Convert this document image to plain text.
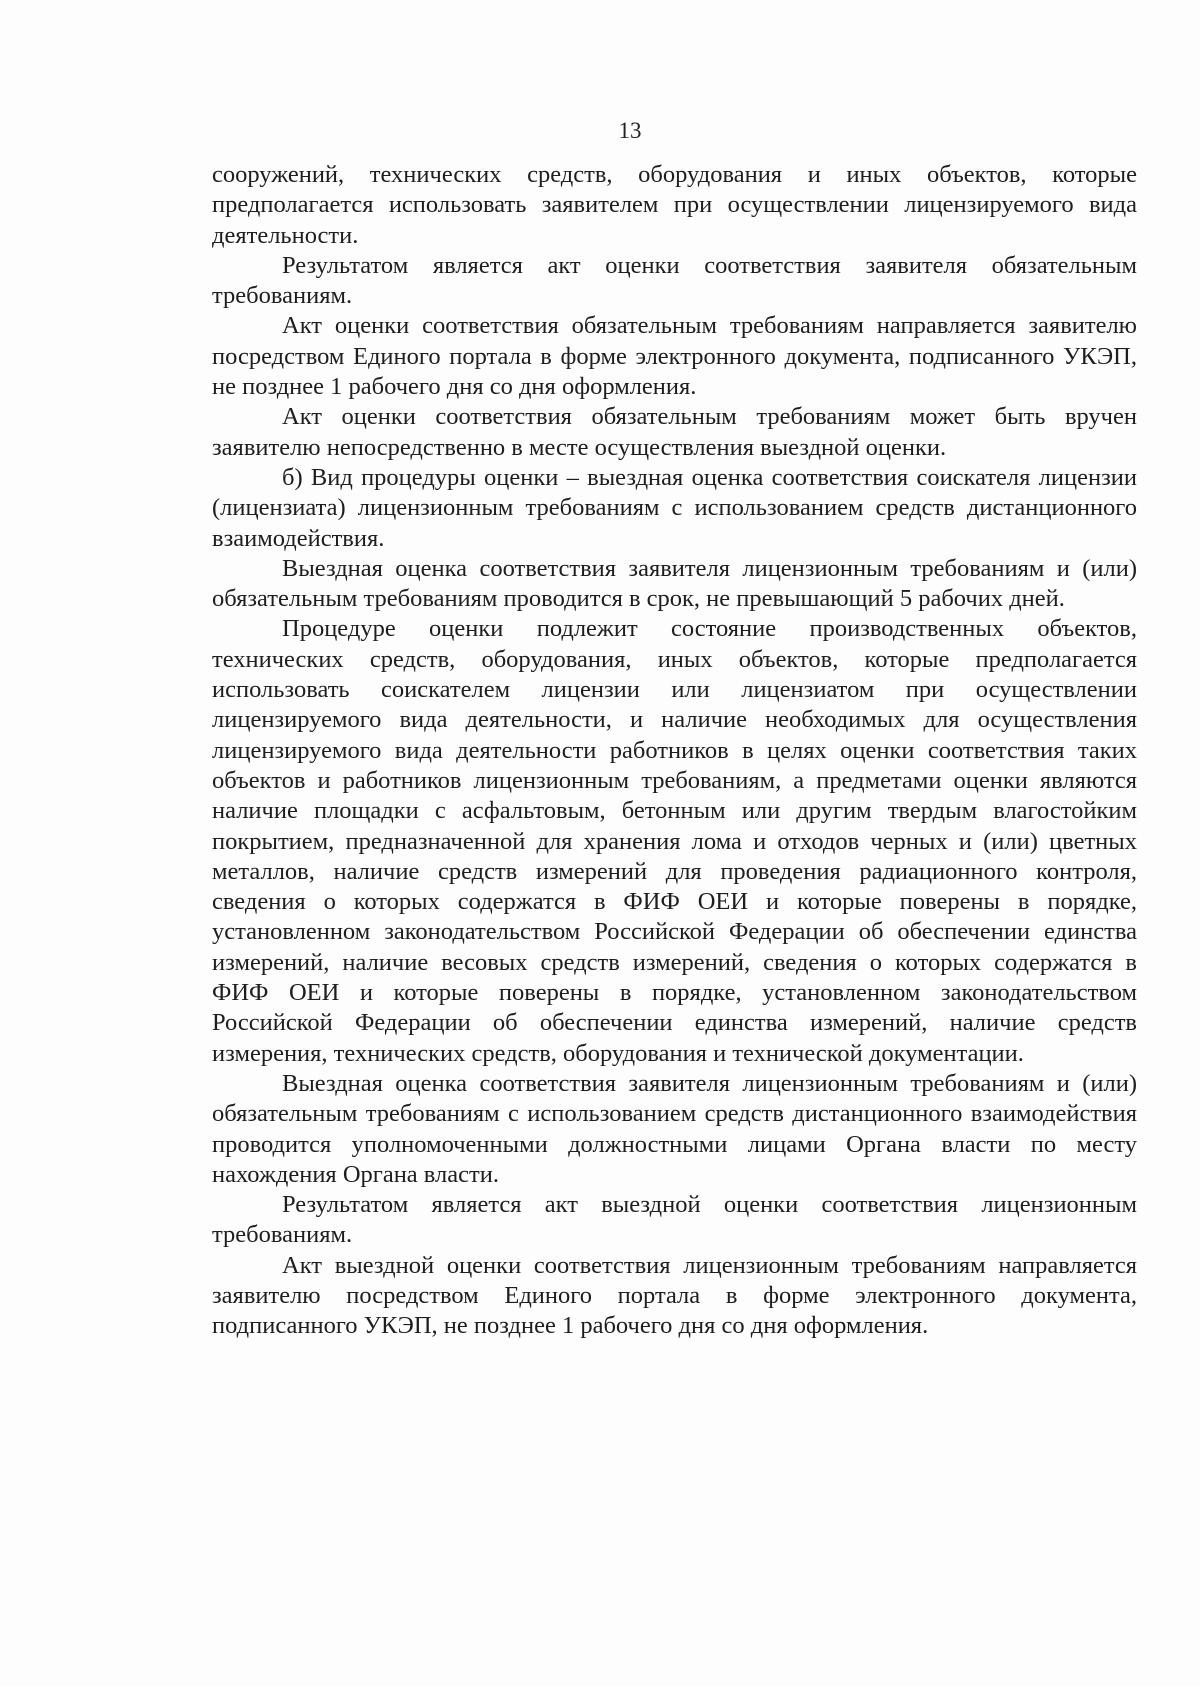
13

сооружений, технических средств, оборудования и иных объектов, которые предполагается использовать заявителем при осуществлении лицензируемого вида деятельности.

Результатом является акт оценки соответствия заявителя обязательным требованиям.

Акт оценки соответствия обязательным требованиям направляется заявителю посредством Единого портала в форме электронного документа, подписанного УКЭП, не позднее 1 рабочего дня со дня оформления.

Акт оценки соответствия обязательным требованиям может быть вручен заявителю непосредственно в месте осуществления выездной оценки.

б) Вид процедуры оценки – выездная оценка соответствия соискателя лицензии (лицензиата) лицензионным требованиям с использованием средств дистанционного взаимодействия.

Выездная оценка соответствия заявителя лицензионным требованиям и (или) обязательным требованиям проводится в срок, не превышающий 5 рабочих дней.

Процедуре оценки подлежит состояние производственных объектов, технических средств, оборудования, иных объектов, которые предполагается использовать соискателем лицензии или лицензиатом при осуществлении лицензируемого вида деятельности, и наличие необходимых для осуществления лицензируемого вида деятельности работников в целях оценки соответствия таких объектов и работников лицензионным требованиям, а предметами оценки являются наличие площадки с асфальтовым, бетонным или другим твердым влагостойким покрытием, предназначенной для хранения лома и отходов черных и (или) цветных металлов, наличие средств измерений для проведения радиационного контроля, сведения о которых содержатся в ФИФ ОЕИ и которые поверены в порядке, установленном законодательством Российской Федерации об обеспечении единства измерений, наличие весовых средств измерений, сведения о которых содержатся в ФИФ ОЕИ и которые поверены в порядке, установленном законодательством Российской Федерации об обеспечении единства измерений, наличие средств измерения, технических средств, оборудования и технической документации.

Выездная оценка соответствия заявителя лицензионным требованиям и (или) обязательным требованиям с использованием средств дистанционного взаимодействия проводится уполномоченными должностными лицами Органа власти по месту нахождения Органа власти.

Результатом является акт выездной оценки соответствия лицензионным требованиям.

Акт выездной оценки соответствия лицензионным требованиям направляется заявителю посредством Единого портала в форме электронного документа, подписанного УКЭП, не позднее 1 рабочего дня со дня оформления.
